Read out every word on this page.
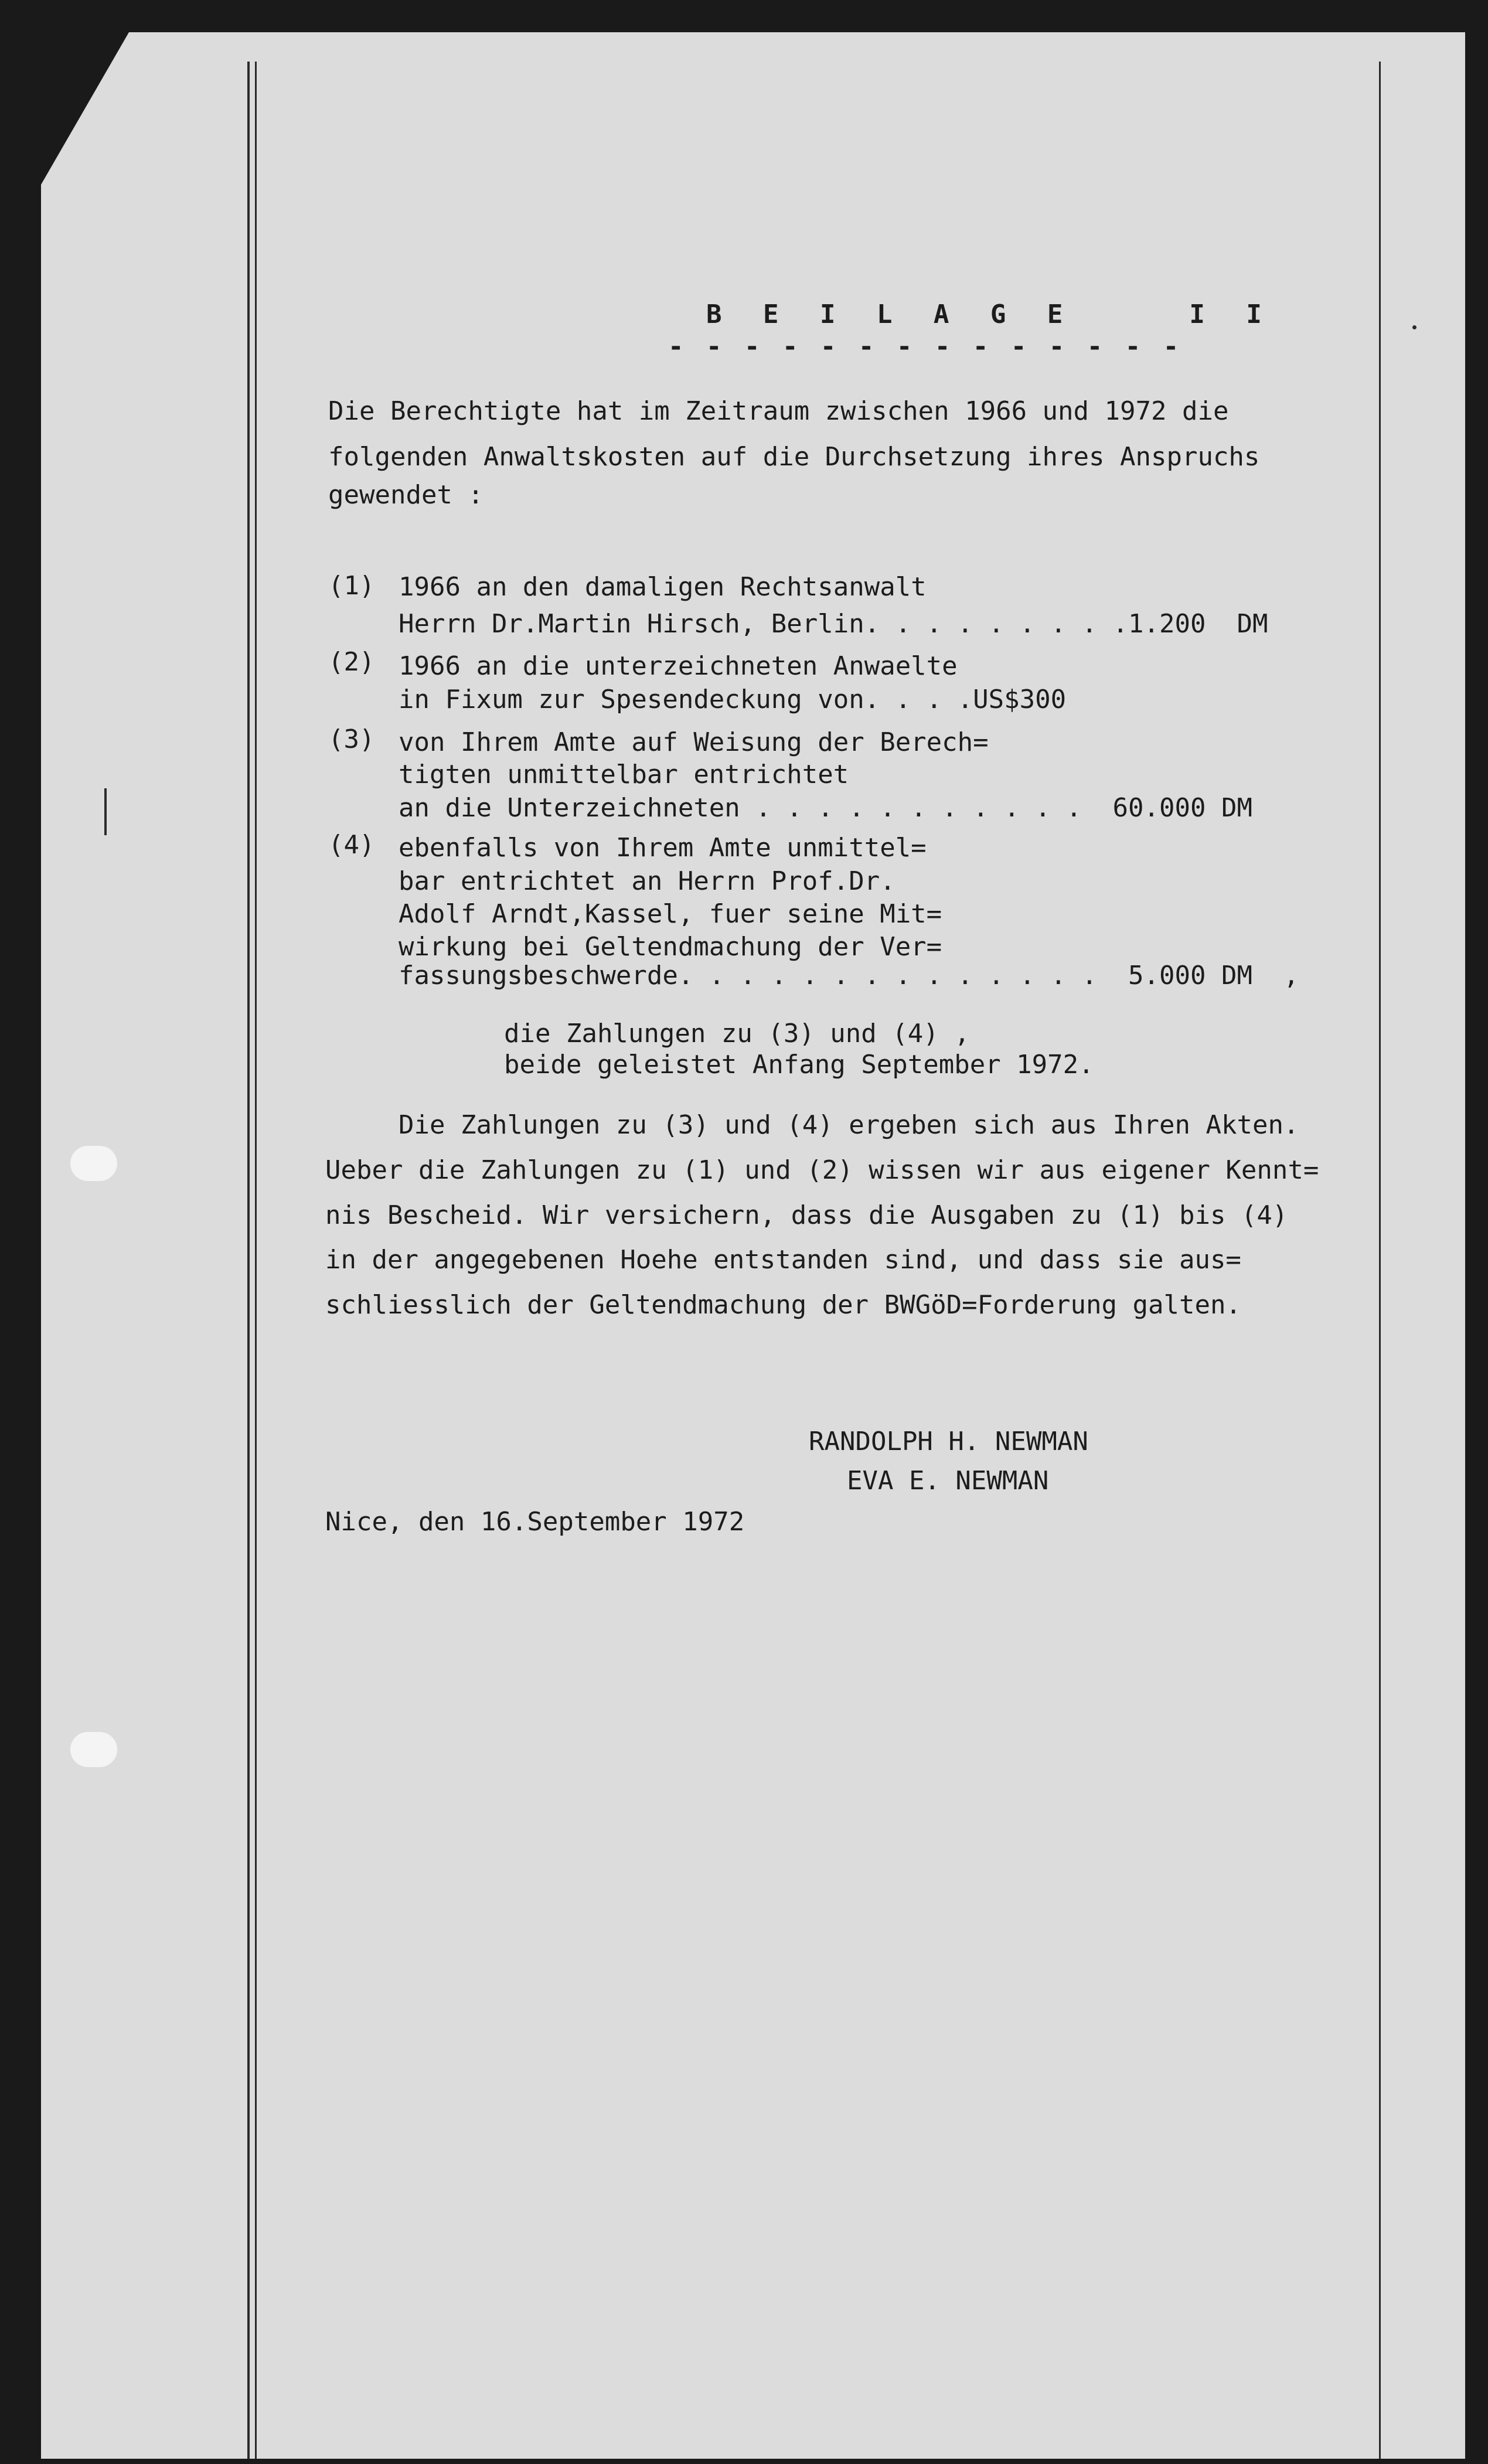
B E I L A G E    I I
- - - - - - - - - - - - - -
Die Berechtigte hat im Zeitraum zwischen 1966 und 1972 die
folgenden Anwaltskosten auf die Durchsetzung ihres Anspruchs
gewendet :
(1) 1966 an den damaligen Rechtsanwalt
Herrn Dr.Martin Hirsch, Berlin. . . . . . . . .1.200  DM
(2) 1966 an die unterzeichneten Anwaelte
in Fixum zur Spesendeckung von. . . .US$300
(3) von Ihrem Amte auf Weisung der Berech=
tigten unmittelbar entrichtet
an die Unterzeichneten . . . . . . . . . . .  60.000 DM
(4) ebenfalls von Ihrem Amte unmittel=
bar entrichtet an Herrn Prof.Dr.
Adolf Arndt,Kassel, fuer seine Mit=
wirkung bei Geltendmachung der Ver=
fassungsbeschwerde. . . . . . . . . . . . . .  5.000 DM  ,
die Zahlungen zu (3) und (4) ,
beide geleistet Anfang September 1972.
Die Zahlungen zu (3) und (4) ergeben sich aus Ihren Akten.
Ueber die Zahlungen zu (1) und (2) wissen wir aus eigener Kennt=
nis Bescheid. Wir versichern, dass die Ausgaben zu (1) bis (4)
in der angegebenen Hoehe entstanden sind, und dass sie aus=
schliesslich der Geltendmachung der BWGöD=Forderung galten.
RANDOLPH H. NEWMAN
EVA E. NEWMAN
Nice, den 16.September 1972
